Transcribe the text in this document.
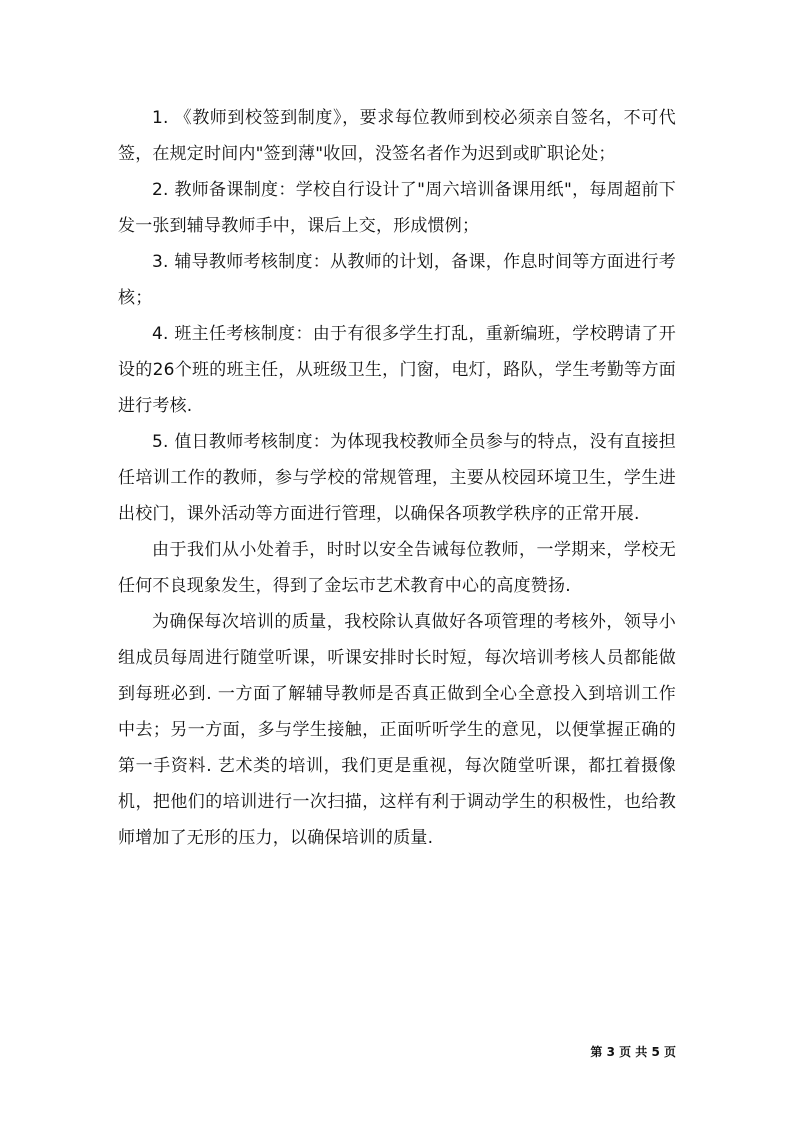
1. 《教师到校签到制度》，要求每位教师到校必须亲自签名，不可代签，在规定时间内"签到薄"收回，没签名者作为迟到或旷职论处；

2. 教师备课制度：学校自行设计了"周六培训备课用纸"，每周超前下发一张到辅导教师手中，课后上交，形成惯例；

3. 辅导教师考核制度：从教师的计划，备课，作息时间等方面进行考核；

4. 班主任考核制度：由于有很多学生打乱，重新编班，学校聘请了开设的26个班的班主任，从班级卫生，门窗，电灯，路队，学生考勤等方面进行考核.

5. 值日教师考核制度：为体现我校教师全员参与的特点，没有直接担任培训工作的教师，参与学校的常规管理，主要从校园环境卫生，学生进出校门，课外活动等方面进行管理，以确保各项教学秩序的正常开展.

由于我们从小处着手，时时以安全告诫每位教师，一学期来，学校无任何不良现象发生，得到了金坛市艺术教育中心的高度赞扬.

为确保每次培训的质量，我校除认真做好各项管理的考核外，领导小组成员每周进行随堂听课，听课安排时长时短，每次培训考核人员都能做到每班必到. 一方面了解辅导教师是否真正做到全心全意投入到培训工作中去；另一方面，多与学生接触，正面听听学生的意见，以便掌握正确的第一手资料. 艺术类的培训，我们更是重视，每次随堂听课，都扛着摄像机，把他们的培训进行一次扫描，这样有利于调动学生的积极性，也给教师增加了无形的压力，以确保培训的质量.

第 3 页 共 5 页
